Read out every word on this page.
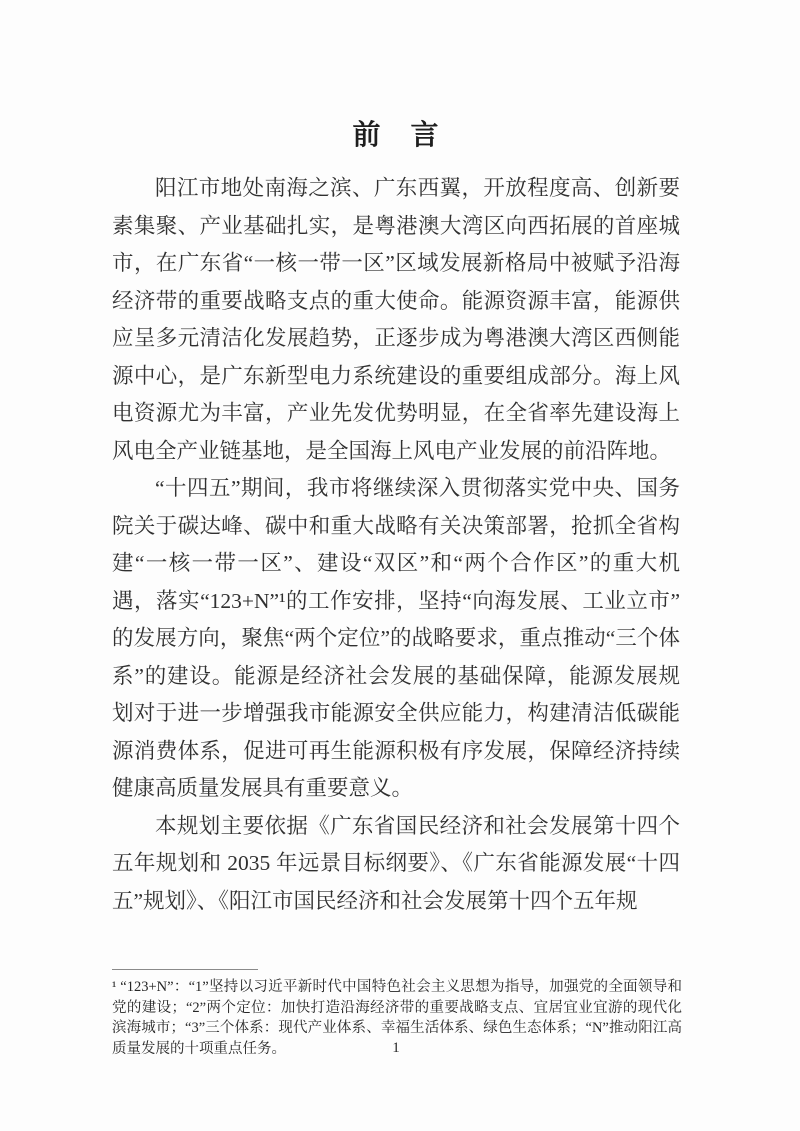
前　言

阳江市地处南海之滨、广东西翼，开放程度高、创新要素集聚、产业基础扎实，是粤港澳大湾区向西拓展的首座城市，在广东省“一核一带一区”区域发展新格局中被赋予沿海经济带的重要战略支点的重大使命。能源资源丰富，能源供应呈多元清洁化发展趋势，正逐步成为粤港澳大湾区西侧能源中心，是广东新型电力系统建设的重要组成部分。海上风电资源尤为丰富，产业先发优势明显，在全省率先建设海上风电全产业链基地，是全国海上风电产业发展的前沿阵地。

“十四五”期间，我市将继续深入贯彻落实党中央、国务院关于碳达峰、碳中和重大战略有关决策部署，抢抓全省构建“一核一带一区”、建设“双区”和“两个合作区”的重大机遇，落实“123+N”¹的工作安排，坚持“向海发展、工业立市”的发展方向，聚焦“两个定位”的战略要求，重点推动“三个体系”的建设。能源是经济社会发展的基础保障，能源发展规划对于进一步增强我市能源安全供应能力，构建清洁低碳能源消费体系，促进可再生能源积极有序发展，保障经济持续健康高质量发展具有重要意义。

本规划主要依据《广东省国民经济和社会发展第十四个五年规划和 2035 年远景目标纲要》、《广东省能源发展“十四五”规划》、《阳江市国民经济和社会发展第十四个五年规

¹ “123+N”：“1”坚持以习近平新时代中国特色社会主义思想为指导，加强党的全面领导和党的建设；“2”两个定位：加快打造沿海经济带的重要战略支点、宜居宜业宜游的现代化滨海城市；“3”三个体系：现代产业体系、幸福生活体系、绿色生态体系；“N”推动阳江高质量发展的十项重点任务。	1
